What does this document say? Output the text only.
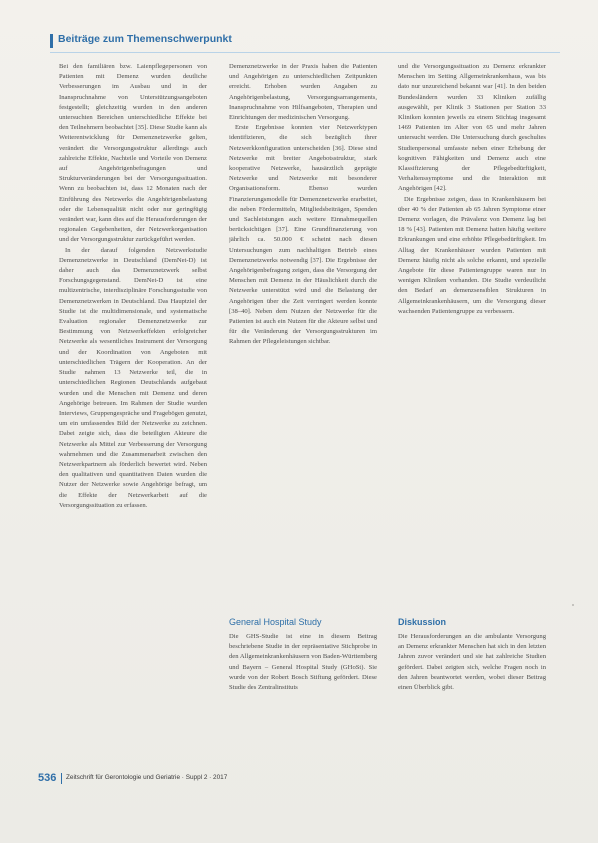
Beiträge zum Themenschwerpunkt

Bei den familiären bzw. Laienpflegepersonen von Patienten mit Demenz wurden deutliche Verbesserungen im Ausbau und in der Inanspruchnahme von Unterstützungsangeboten festgestellt; gleichzeitig wurden in den anderen untersuchten Bereichen unterschiedliche Effekte bei den Teilnehmern beobachtet [35]. Diese Studie kann als Weiterentwicklung für Demenznetzwerke gelten, verändert die Versorgungsstruktur allerdings auch zahlreiche Effekte, Nachteile und Vorteile von Demenz auf Angehörigenbefragungen und Strukturveränderungen bei der Versorgungssituation. Wenn zu beobachten ist, dass 12 Monaten nach der Einführung des Netzwerks die Angehörigenbelastung oder die Lebensqualität nicht oder nur geringfügig verändert war, kann dies auf die Herausforderungen der regionalen Gegebenheiten, der Netzwerkorganisation und der Versorgungsstruktur zurückgeführt werden.

In der darauf folgenden Netzwerkstudie Demenznetzwerke in Deutschland (DemNet-D) ist daher auch das Demenznetzwerk selbst Forschungsgegenstand. DemNet-D ist eine multizentrische, interdisziplinäre Forschungsstudie von Demenznetzwerken in Deutschland. Das Hauptziel der Studie ist die multidimensionale, und systematische Evaluation regionaler Demenznetzwerke zur Bestimmung von Netzwerkeffekten erfolgreicher Netzwerke als wesentliches Instrument der Versorgung und der Koordination von Angeboten mit unterschiedlichen Trägern der Kooperation. An der Studie nahmen 13 Netzwerke teil, die in unterschiedlichen Regionen Deutschlands aufgebaut wurden und die Menschen mit Demenz und deren Angehörige betreuen. Im Rahmen der Studie wurden Interviews, Gruppengespräche und Fragebögen genutzt, um ein umfassendes Bild der Netzwerke zu zeichnen. Dabei zeigte sich, dass die beteiligten Akteure die Netzwerke als Mittel zur Verbesserung der Versorgung wahrnehmen und die Zusammenarbeit zwischen den Netzwerkpartnern als förderlich bewertet wird. Neben den qualitativen und quantitativen Daten wurden die Nutzer der Netzwerke sowie Angehörige befragt, um die Effekte der Netzwerkarbeit auf die Versorgungssituation zu erfassen.

Demenznetzwerke in der Praxis haben die Patienten und Angehörigen zu unterschiedlichen Zeitpunkten erreicht. Erhoben wurden Angaben zu Angehörigenbelastung, Versorgungsarrangements, Inanspruchnahme von Hilfsangeboten, Therapien und Einrichtungen der medizinischen Versorgung.

Erste Ergebnisse konnten vier Netzwerktypen identifizieren, die sich bezüglich ihrer Netzwerkkonfiguration unterscheiden [36]. Diese sind Netzwerke mit breiter Angebotsstruktur, stark kooperative Netzwerke, hausärztlich geprägte Netzwerke und Netzwerke mit besonderer Organisationsform. Ebenso wurden Finanzierungsmodelle für Demenznetzwerke erarbeitet, die neben Fördermitteln, Mitgliedsbeiträgen, Spenden und Sachleistungen auch weitere Einnahmequellen berücksichtigen [37]. Eine Grundfinanzierung von jährlich ca. 50.000 € scheint nach diesen Untersuchungen zum nachhaltigen Betrieb eines Demenznetzwerks notwendig [37]. Die Ergebnisse der Angehörigenbefragung zeigen, dass die Versorgung der Menschen mit Demenz in der Häuslichkeit durch die Netzwerke unterstützt wird und die Belastung der Angehörigen über die Zeit verringert werden konnte [38–40]. Neben dem Nutzen der Netzwerke für die Patienten ist auch ein Nutzen für die Akteure selbst und für die Veränderung der Versorgungsstrukturen im Rahmen der Pflegeleistungen sichtbar.

General Hospital Study

Die GHS-Studie ist eine in diesem Beitrag beschriebene Studie in der repräsentative Stichprobe in den Allgemeinkrankenhäusern von Baden-Württemberg und Bayern – General Hospital Study (GHoSt). Sie wurde von der Robert Bosch Stiftung gefördert. Diese Studie des Zentralinstituts

und die Versorgungssituation zu Demenz erkrankter Menschen im Setting Allgemeinkrankenhaus, was bis dato nur unzureichend bekannt war [41]. In den beiden Bundesländern wurden 33 Kliniken zufällig ausgewählt, per Klinik 3 Stationen per Station 33 Kliniken konnten jeweils zu einem Stichtag insgesamt 1469 Patienten im Alter von 65 und mehr Jahren untersucht werden. Die Untersuchung durch geschultes Studienpersonal umfasste neben einer Erhebung der kognitiven Fähigkeiten und Demenz auch eine Klassifizierung der Pflegebedürftigkeit, Verhaltenssymptome und die Interaktion mit Angehörigen [42].

Die Ergebnisse zeigen, dass in Krankenhäusern bei über 40 % der Patienten ab 65 Jahren Symptome einer Demenz vorlagen, die Prävalenz von Demenz lag bei 18 % [43]. Patienten mit Demenz hatten häufig weitere Erkrankungen und eine erhöhte Pflegebedürftigkeit. Im Alltag der Krankenhäuser wurden Patienten mit Demenz häufig nicht als solche erkannt, und spezielle Angebote für diese Patientengruppe waren nur in wenigen Kliniken vorhanden. Die Studie verdeutlicht den Bedarf an demenzsensiblen Strukturen in Allgemeinkrankenhäusern, um die Versorgung dieser wachsenden Patientengruppe zu verbessern.

Diskussion

Die Herausforderungen an die ambulante Versorgung an Demenz erkrankter Menschen hat sich in den letzten Jahren zuvor verändert und sie hat zahlreiche Studien gefördert. Dabei zeigten sich, welche Fragen noch in den Jahren beantwortet werden, wobei dieser Beitrag einen Überblick gibt.

536 Zeitschrift für Gerontologie und Geriatrie · Suppl 2 · 2017
